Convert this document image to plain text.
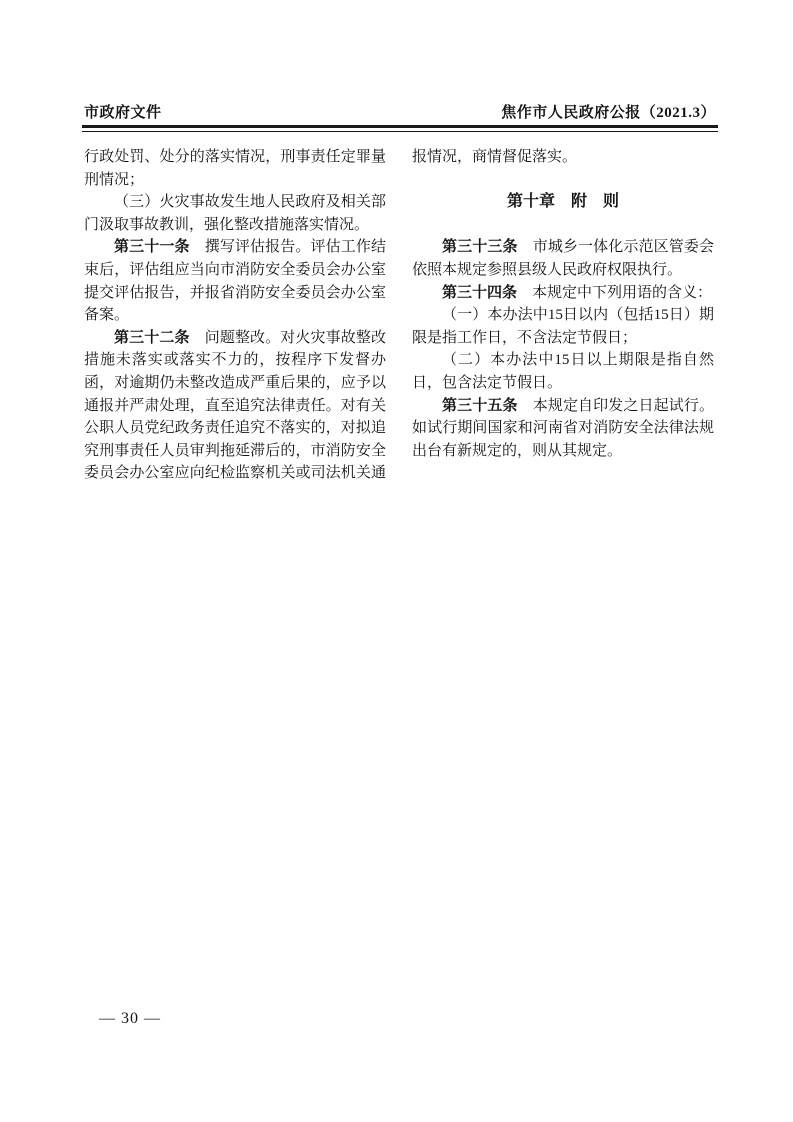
市政府文件	焦作市人民政府公报（2021.3）
行政处罚、处分的落实情况，刑事责任定罪量
刑情况；
（三）火灾事故发生地人民政府及相关部
门汲取事故教训，强化整改措施落实情况。
第三十一条　撰写评估报告。评估工作结
束后，评估组应当向市消防安全委员会办公室
提交评估报告，并报省消防安全委员会办公室
备案。
第三十二条　问题整改。对火灾事故整改
措施未落实或落实不力的，按程序下发督办
函，对逾期仍未整改造成严重后果的，应予以
通报并严肃处理，直至追究法律责任。对有关
公职人员党纪政务责任追究不落实的，对拟追
究刑事责任人员审判拖延滞后的，市消防安全
委员会办公室应向纪检监察机关或司法机关通
报情况，商情督促落实。
第十章　附　则
第三十三条　市城乡一体化示范区管委会
依照本规定参照县级人民政府权限执行。
第三十四条　本规定中下列用语的含义：
（一）本办法中15日以内（包括15日）期
限是指工作日，不含法定节假日；
（二）本办法中15日以上期限是指自然
日，包含法定节假日。
第三十五条　本规定自印发之日起试行。
如试行期间国家和河南省对消防安全法律法规
出台有新规定的，则从其规定。
— 30 —
